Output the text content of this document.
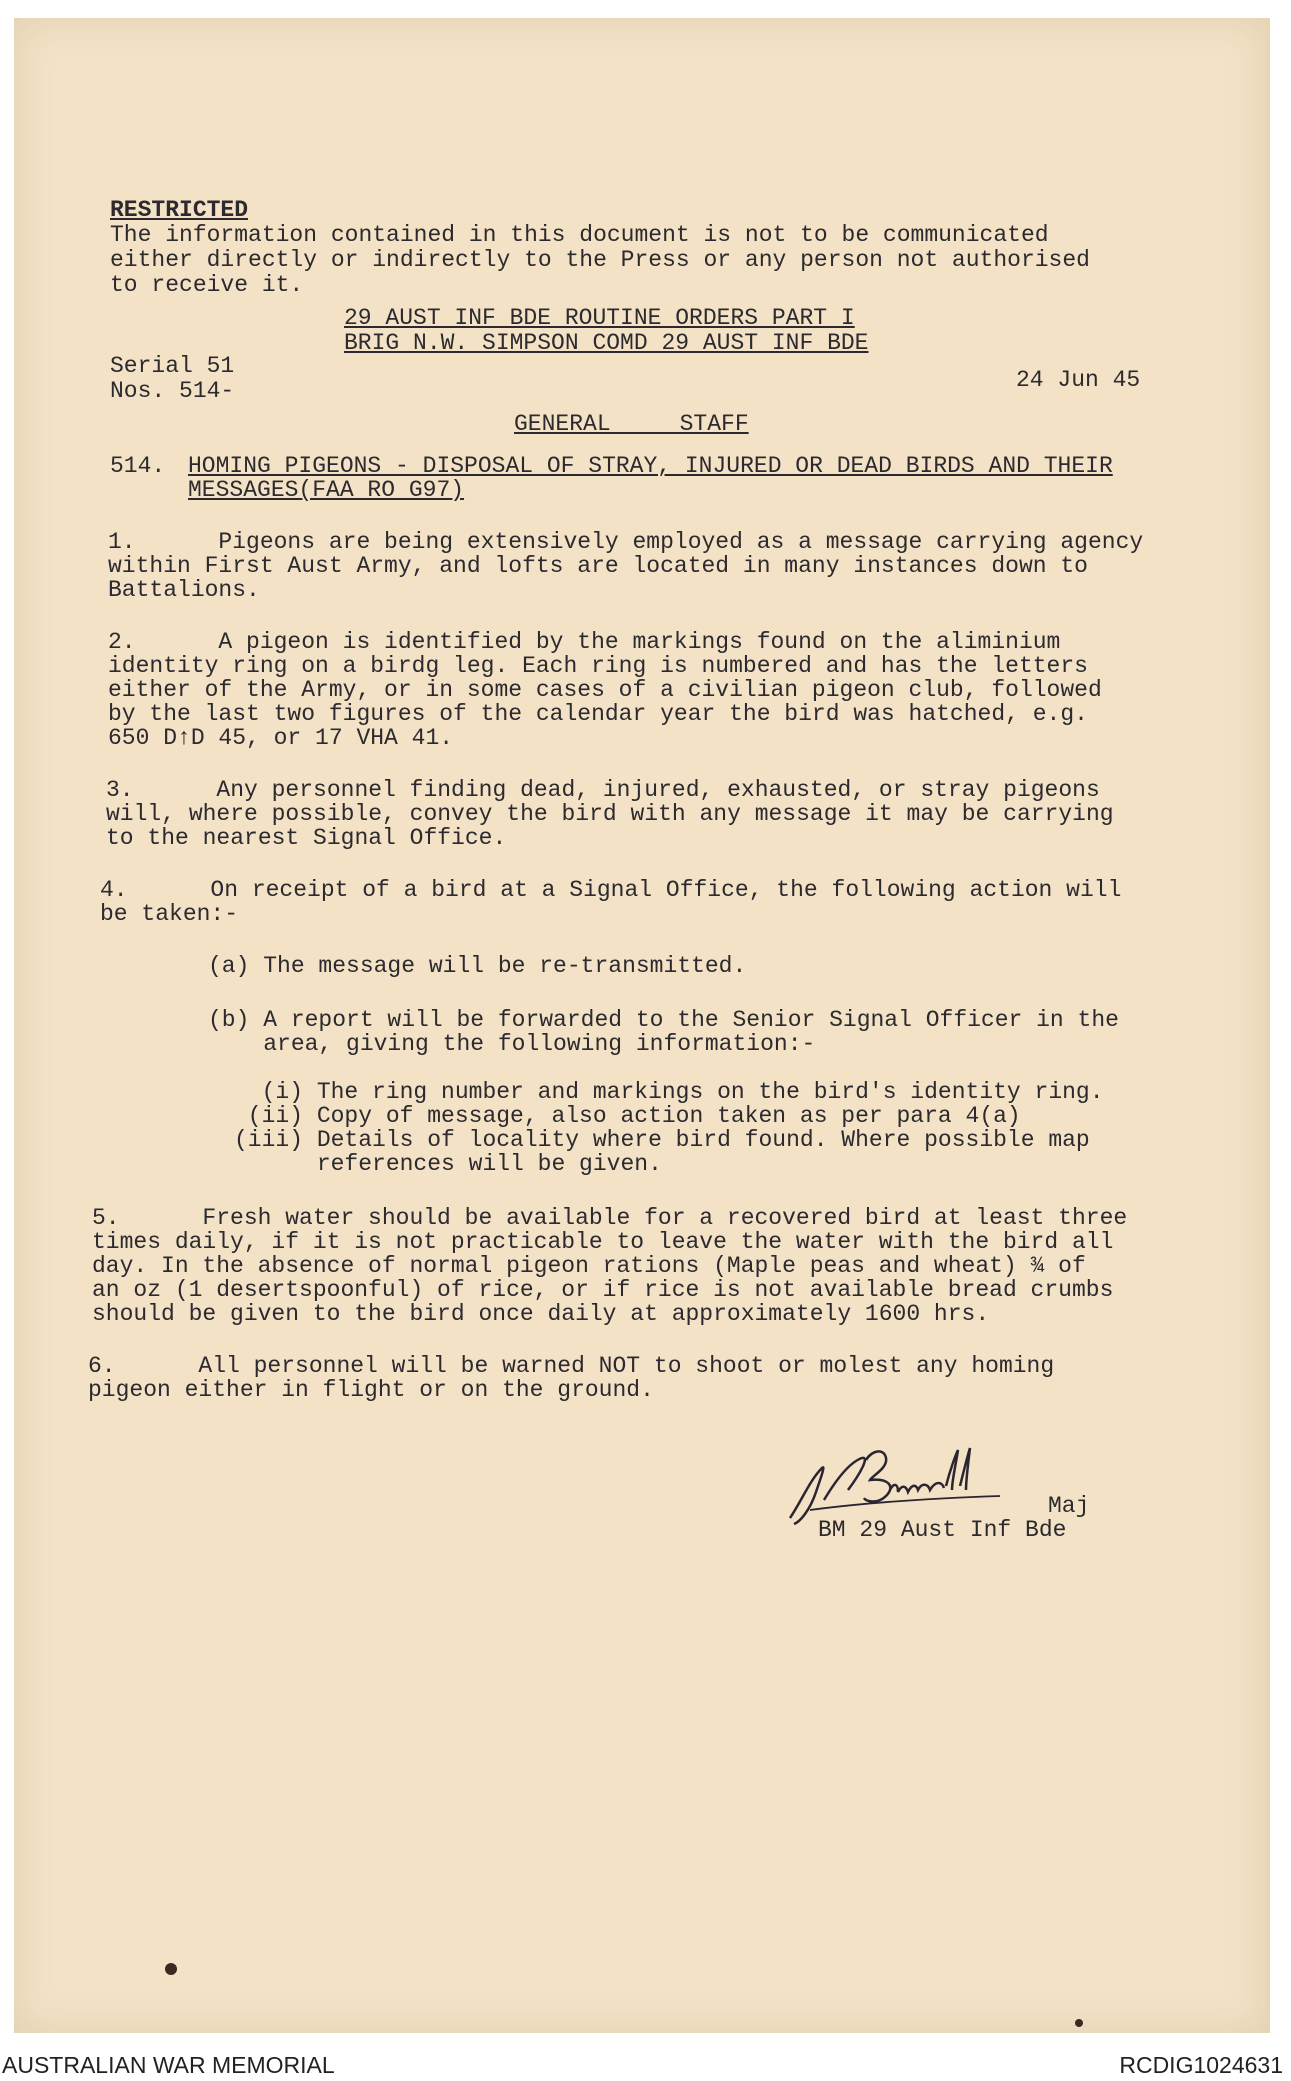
RESTRICTED
The information contained in this document is not to be communicated
either directly or indirectly to the Press or any person not authorised
to receive it.
29 AUST INF BDE ROUTINE ORDERS PART I
BRIG N.W. SIMPSON COMD 29 AUST INF BDE
Serial 51
Nos. 514-	24 Jun 45
GENERAL     STAFF
514. HOMING PIGEONS - DISPOSAL OF STRAY, INJURED OR DEAD BIRDS AND THEIR
MESSAGES(FAA RO G97)
1.      Pigeons are being extensively employed as a message carrying agency
within First Aust Army, and lofts are located in many instances down to
Battalions.
2.      A pigeon is identified by the markings found on the aliminium
identity ring on a birdg leg. Each ring is numbered and has the letters
either of the Army, or in some cases of a civilian pigeon club, followed
by the last two figures of the calendar year the bird was hatched, e.g.
650 D↑D 45, or 17 VHA 41.
3.      Any personnel finding dead, injured, exhausted, or stray pigeons
will, where possible, convey the bird with any message it may be carrying
to the nearest Signal Office.
4.      On receipt of a bird at a Signal Office, the following action will
be taken:-
(a) The message will be re-transmitted.
(b) A report will be forwarded to the Senior Signal Officer in the
area, giving the following information:-
(i) The ring number and markings on the bird's identity ring.
(ii) Copy of message, also action taken as per para 4(a)
(iii) Details of locality where bird found. Where possible map
references will be given.
5.      Fresh water should be available for a recovered bird at least three
times daily, if it is not practicable to leave the water with the bird all
day. In the absence of normal pigeon rations (Maple peas and wheat) ¾ of
an oz (1 desertspoonful) of rice, or if rice is not available bread crumbs
should be given to the bird once daily at approximately 1600 hrs.
6.      All personnel will be warned NOT to shoot or molest any homing
pigeon either in flight or on the ground.
Maj
BM 29 Aust Inf Bde
AUSTRALIAN WAR MEMORIAL	RCDIG1024631
